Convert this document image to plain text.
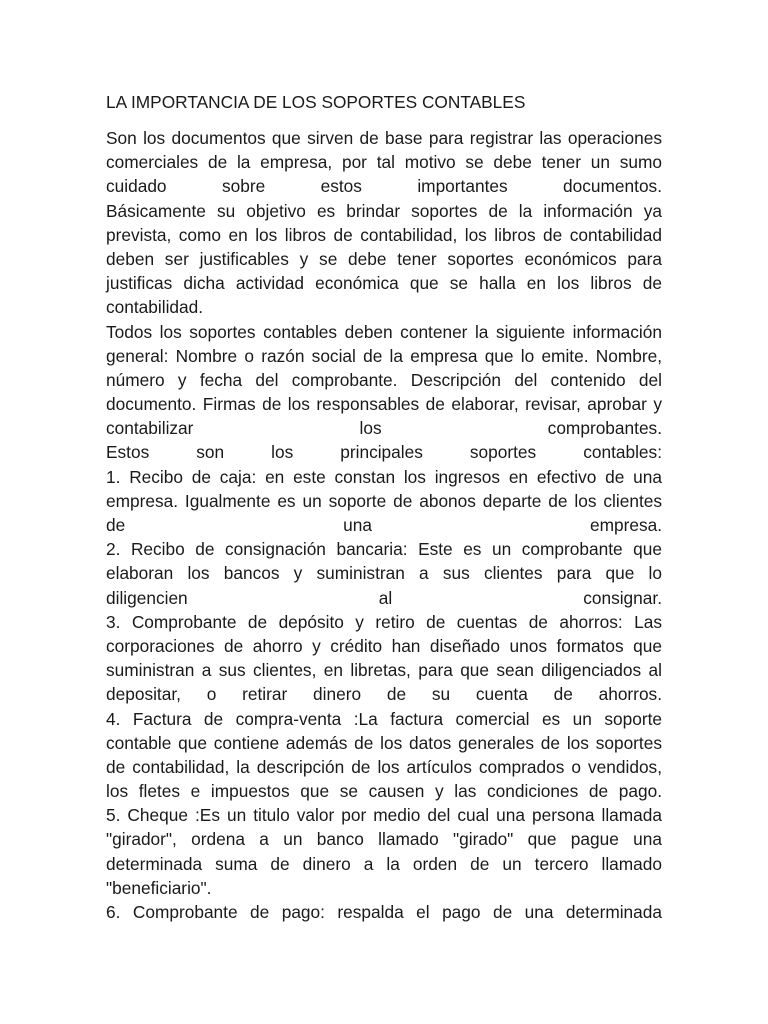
LA IMPORTANCIA DE LOS SOPORTES CONTABLES
Son los documentos que sirven de base para registrar las operaciones
comerciales de la empresa, por tal motivo se debe tener un sumo
cuidado sobre estos importantes documentos.
Básicamente su objetivo es brindar soportes de la información ya
prevista, como en los libros de contabilidad, los libros de contabilidad
deben ser justificables y se debe tener soportes económicos para
justificas dicha actividad económica que se halla en los libros de
contabilidad.
Todos los soportes contables deben contener la siguiente información
general: Nombre o razón social de la empresa que lo emite. Nombre,
número y fecha del comprobante. Descripción del contenido del
documento. Firmas de los responsables de elaborar, revisar, aprobar y
contabilizar los comprobantes.
Estos son los principales soportes contables:
1. Recibo de caja: en este constan los ingresos en efectivo de una
empresa. Igualmente es un soporte de abonos departe de los clientes
de una empresa.
2. Recibo de consignación bancaria: Este es un comprobante que
elaboran los bancos y suministran a sus clientes para que lo
diligencien al consignar.
3. Comprobante de depósito y retiro de cuentas de ahorros: Las
corporaciones de ahorro y crédito han diseñado unos formatos que
suministran a sus clientes, en libretas, para que sean diligenciados al
depositar, o retirar dinero de su cuenta de ahorros.
4. Factura de compra-venta :La factura comercial es un soporte
contable que contiene además de los datos generales de los soportes
de contabilidad, la descripción de los artículos comprados o vendidos,
los fletes e impuestos que se causen y las condiciones de pago.
5. Cheque :Es un titulo valor por medio del cual una persona llamada
"girador", ordena a un banco llamado "girado" que pague una
determinada suma de dinero a la orden de un tercero llamado
"beneficiario".
6. Comprobante de pago: respalda el pago de una determinada
